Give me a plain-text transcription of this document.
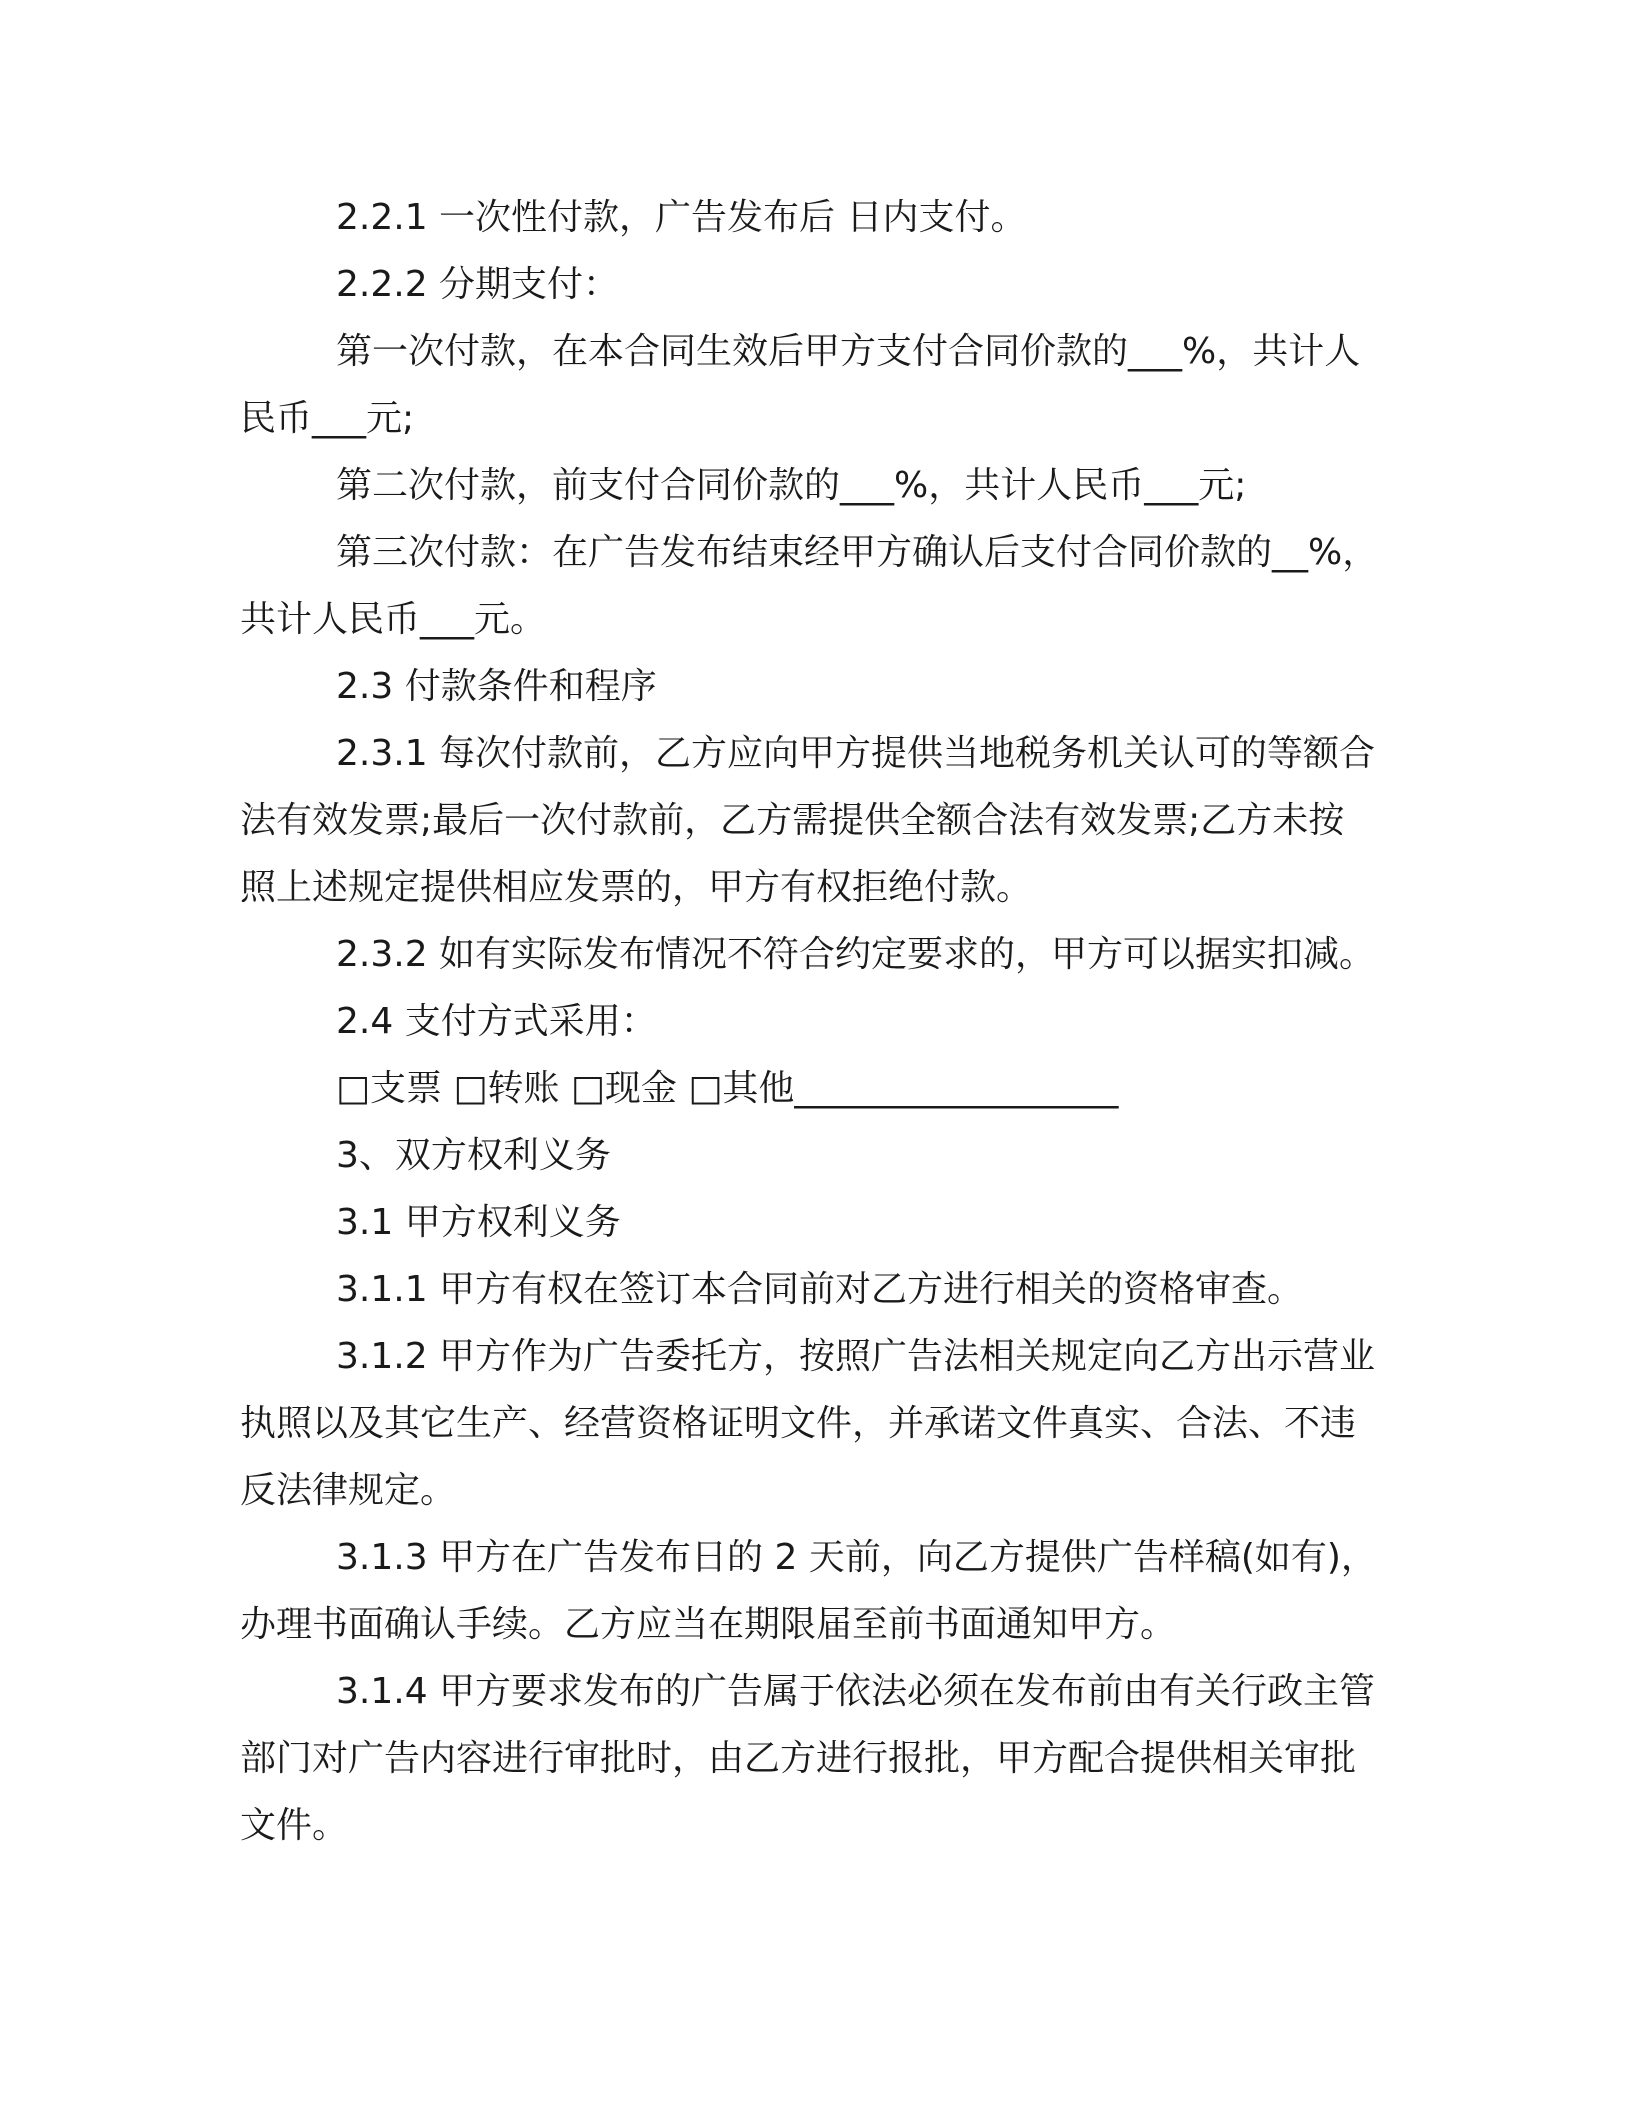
2.2.1 一次性付款，广告发布后 日内支付。

2.2.2 分期支付：

第一次付款，在本合同生效后甲方支付合同价款的___%，共计人民币___元;

第二次付款，前支付合同价款的___%，共计人民币___元;

第三次付款：在广告发布结束经甲方确认后支付合同价款的__%，共计人民币___元。

2.3 付款条件和程序

2.3.1 每次付款前，乙方应向甲方提供当地税务机关认可的等额合法有效发票;最后一次付款前，乙方需提供全额合法有效发票;乙方未按照上述规定提供相应发票的，甲方有权拒绝付款。

2.3.2 如有实际发布情况不符合约定要求的，甲方可以据实扣减。

2.4 支付方式采用：

□支票 □转账 □现金 □其他__________________

3、双方权利义务

3.1 甲方权利义务

3.1.1 甲方有权在签订本合同前对乙方进行相关的资格审查。

3.1.2 甲方作为广告委托方，按照广告法相关规定向乙方出示营业执照以及其它生产、经营资格证明文件，并承诺文件真实、合法、不违反法律规定。

3.1.3 甲方在广告发布日的 2 天前，向乙方提供广告样稿(如有)，办理书面确认手续。乙方应当在期限届至前书面通知甲方。

3.1.4 甲方要求发布的广告属于依法必须在发布前由有关行政主管部门对广告内容进行审批时，由乙方进行报批，甲方配合提供相关审批文件。
